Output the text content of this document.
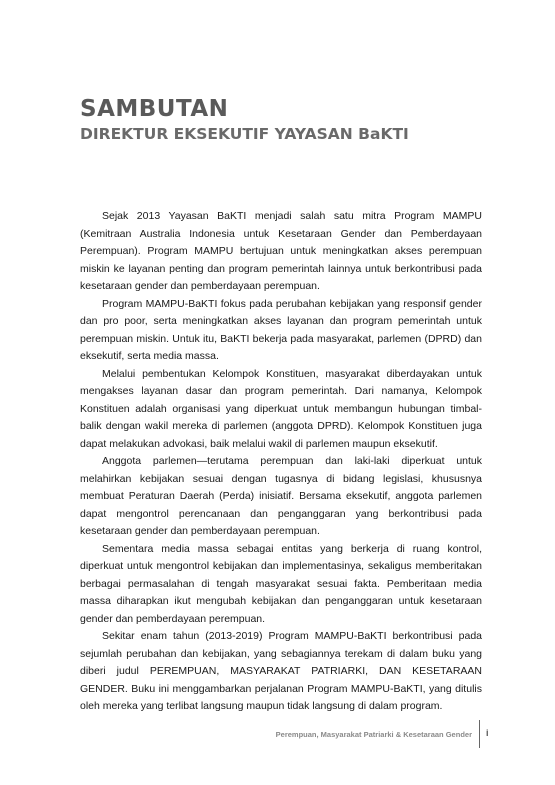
SAMBUTAN
DIREKTUR EKSEKUTIF YAYASAN BaKTI

Sejak 2013 Yayasan BaKTI menjadi salah satu mitra Program MAMPU (Kemitraan Australia Indonesia untuk Kesetaraan Gender dan Pemberdayaan Perempuan). Program MAMPU bertujuan untuk meningkatkan akses perempuan miskin ke layanan penting dan program pemerintah lainnya untuk berkontribusi pada kesetaraan gender dan pemberdayaan perempuan.

Program MAMPU-BaKTI fokus pada perubahan kebijakan yang responsif gender dan pro poor, serta meningkatkan akses layanan dan program pemerintah untuk perempuan miskin. Untuk itu, BaKTI bekerja pada masyarakat, parlemen (DPRD) dan eksekutif, serta media massa.

Melalui pembentukan Kelompok Konstituen, masyarakat diberdayakan untuk mengakses layanan dasar dan program pemerintah. Dari namanya, Kelompok Konstituen adalah organisasi yang diperkuat untuk membangun hubungan timbal-balik dengan wakil mereka di parlemen (anggota DPRD). Kelompok Konstituen juga dapat melakukan advokasi, baik melalui wakil di parlemen maupun eksekutif.

Anggota parlemen—terutama perempuan dan laki-laki diperkuat untuk melahirkan kebijakan sesuai dengan tugasnya di bidang legislasi, khususnya membuat Peraturan Daerah (Perda) inisiatif. Bersama eksekutif, anggota parlemen dapat mengontrol perencanaan dan penganggaran yang berkontribusi pada kesetaraan gender dan pemberdayaan perempuan.

Sementara media massa sebagai entitas yang berkerja di ruang kontrol, diperkuat untuk mengontrol kebijakan dan implementasinya, sekaligus memberitakan berbagai permasalahan di tengah masyarakat sesuai fakta. Pemberitaan media massa diharapkan ikut mengubah kebijakan dan penganggaran untuk kesetaraan gender dan pemberdayaan perempuan.

Sekitar enam tahun (2013-2019) Program MAMPU-BaKTI berkontribusi pada sejumlah perubahan dan kebijakan, yang sebagiannya terekam di dalam buku yang diberi judul PEREMPUAN, MASYARAKAT PATRIARKI, DAN KESETARAAN GENDER. Buku ini menggambarkan perjalanan Program MAMPU-BaKTI, yang ditulis oleh mereka yang terlibat langsung maupun tidak langsung di dalam program.

Perempuan, Masyarakat Patriarki & Kesetaraan Gender i
